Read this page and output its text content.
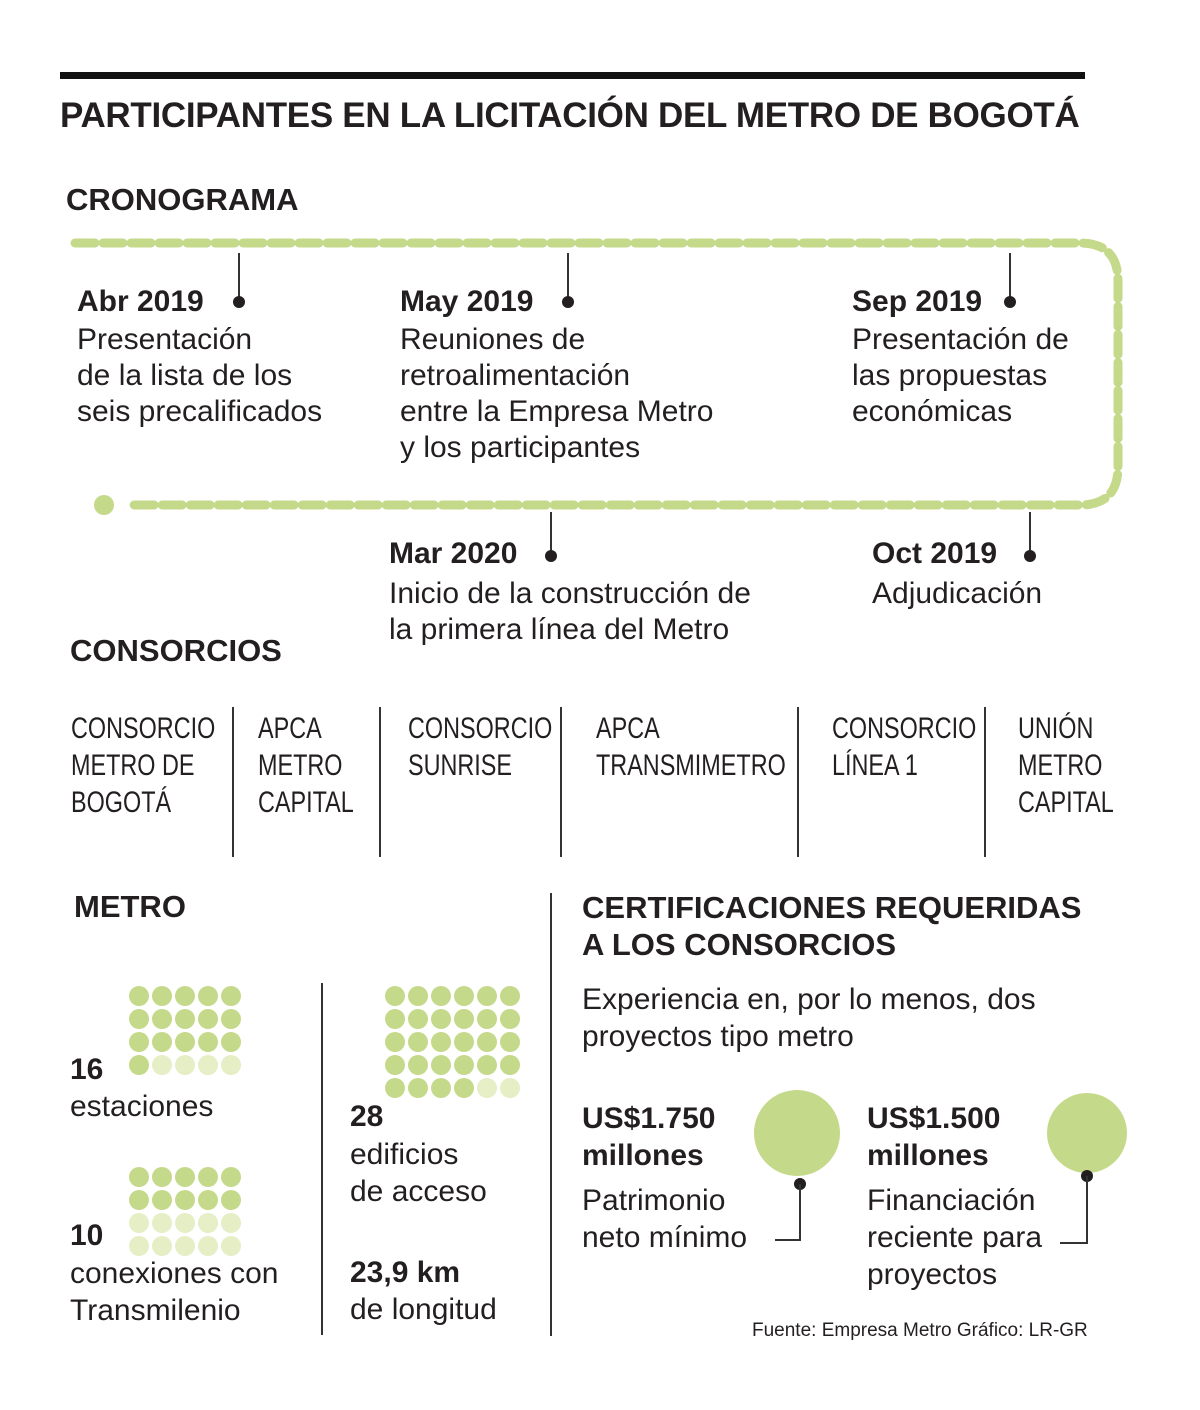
PARTICIPANTES EN LA LICITACIÓN DEL METRO DE BOGOTÁ
CRONOGRAMA
Abr 2019
Presentación
de la lista de los
seis precalificados
May 2019
Reuniones de
retroalimentación
entre la Empresa Metro
y los participantes
Sep 2019
Presentación de
las propuestas
económicas
Mar 2020
Inicio de la construcción de
la primera línea del Metro
Oct 2019
Adjudicación
CONSORCIOS
CONSORCIO
METRO DE
BOGOTÁ
APCA
METRO
CAPITAL
CONSORCIO
SUNRISE
APCA
TRANSMIMETRO
CONSORCIO
LÍNEA 1
UNIÓN
METRO
CAPITAL
METRO
16
estaciones
10
conexiones con
Transmilenio
28
edificios
de acceso
23,9 km
de longitud
CERTIFICACIONES REQUERIDAS
A LOS CONSORCIOS
Experiencia en, por lo menos, dos
proyectos tipo metro
US$1.750
millones
Patrimonio
neto mínimo
US$1.500
millones
Financiación
reciente para
proyectos
Fuente: Empresa Metro Gráfico: LR-GR
